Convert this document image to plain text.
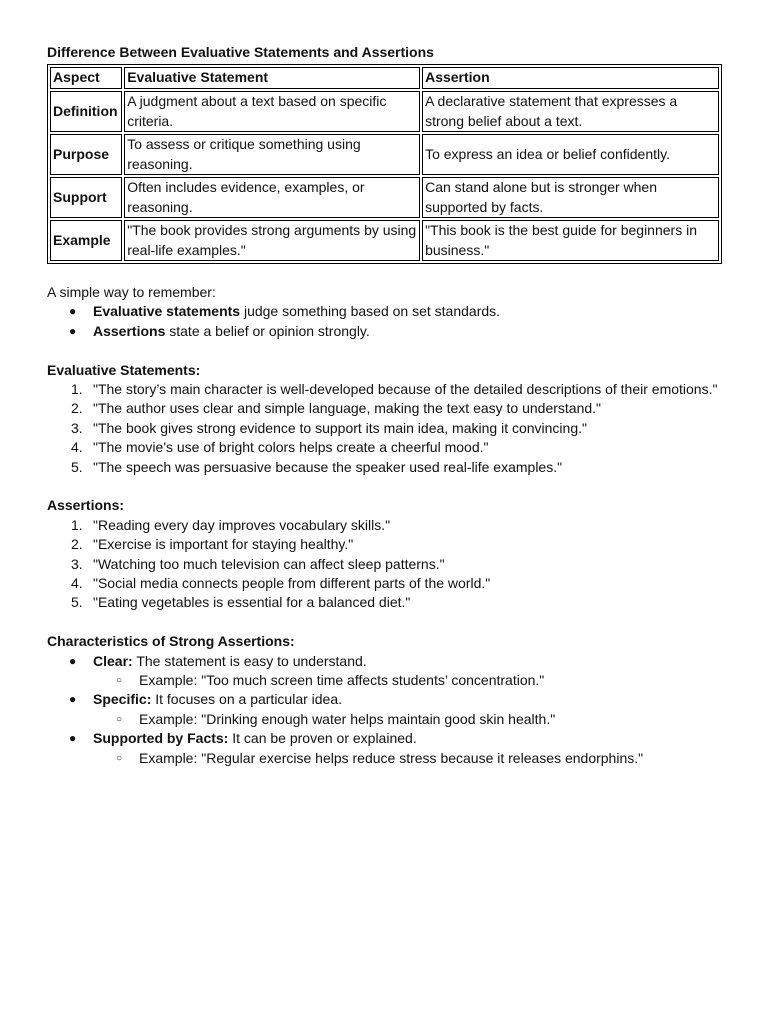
Difference Between Evaluative Statements and Assertions
Aspect	Evaluative Statement	Assertion
Definition	A judgment about a text based on specific criteria.	A declarative statement that expresses a strong belief about a text.
Purpose	To assess or critique something using reasoning.	To express an idea or belief confidently.
Support	Often includes evidence, examples, or reasoning.	Can stand alone but is stronger when supported by facts.
Example	"The book provides strong arguments by using real-life examples."	"This book is the best guide for beginners in business."
A simple way to remember:
● Evaluative statements judge something based on set standards.
● Assertions state a belief or opinion strongly.
Evaluative Statements:
1. "The story’s main character is well-developed because of the detailed descriptions of their emotions."
2. "The author uses clear and simple language, making the text easy to understand."
3. "The book gives strong evidence to support its main idea, making it convincing."
4. "The movie's use of bright colors helps create a cheerful mood."
5. "The speech was persuasive because the speaker used real-life examples."
Assertions:
1. "Reading every day improves vocabulary skills."
2. "Exercise is important for staying healthy."
3. "Watching too much television can affect sleep patterns."
4. "Social media connects people from different parts of the world."
5. "Eating vegetables is essential for a balanced diet."
Characteristics of Strong Assertions:
● Clear: The statement is easy to understand.
○ Example: "Too much screen time affects students’ concentration."
● Specific: It focuses on a particular idea.
○ Example: "Drinking enough water helps maintain good skin health."
● Supported by Facts: It can be proven or explained.
○ Example: "Regular exercise helps reduce stress because it releases endorphins."
